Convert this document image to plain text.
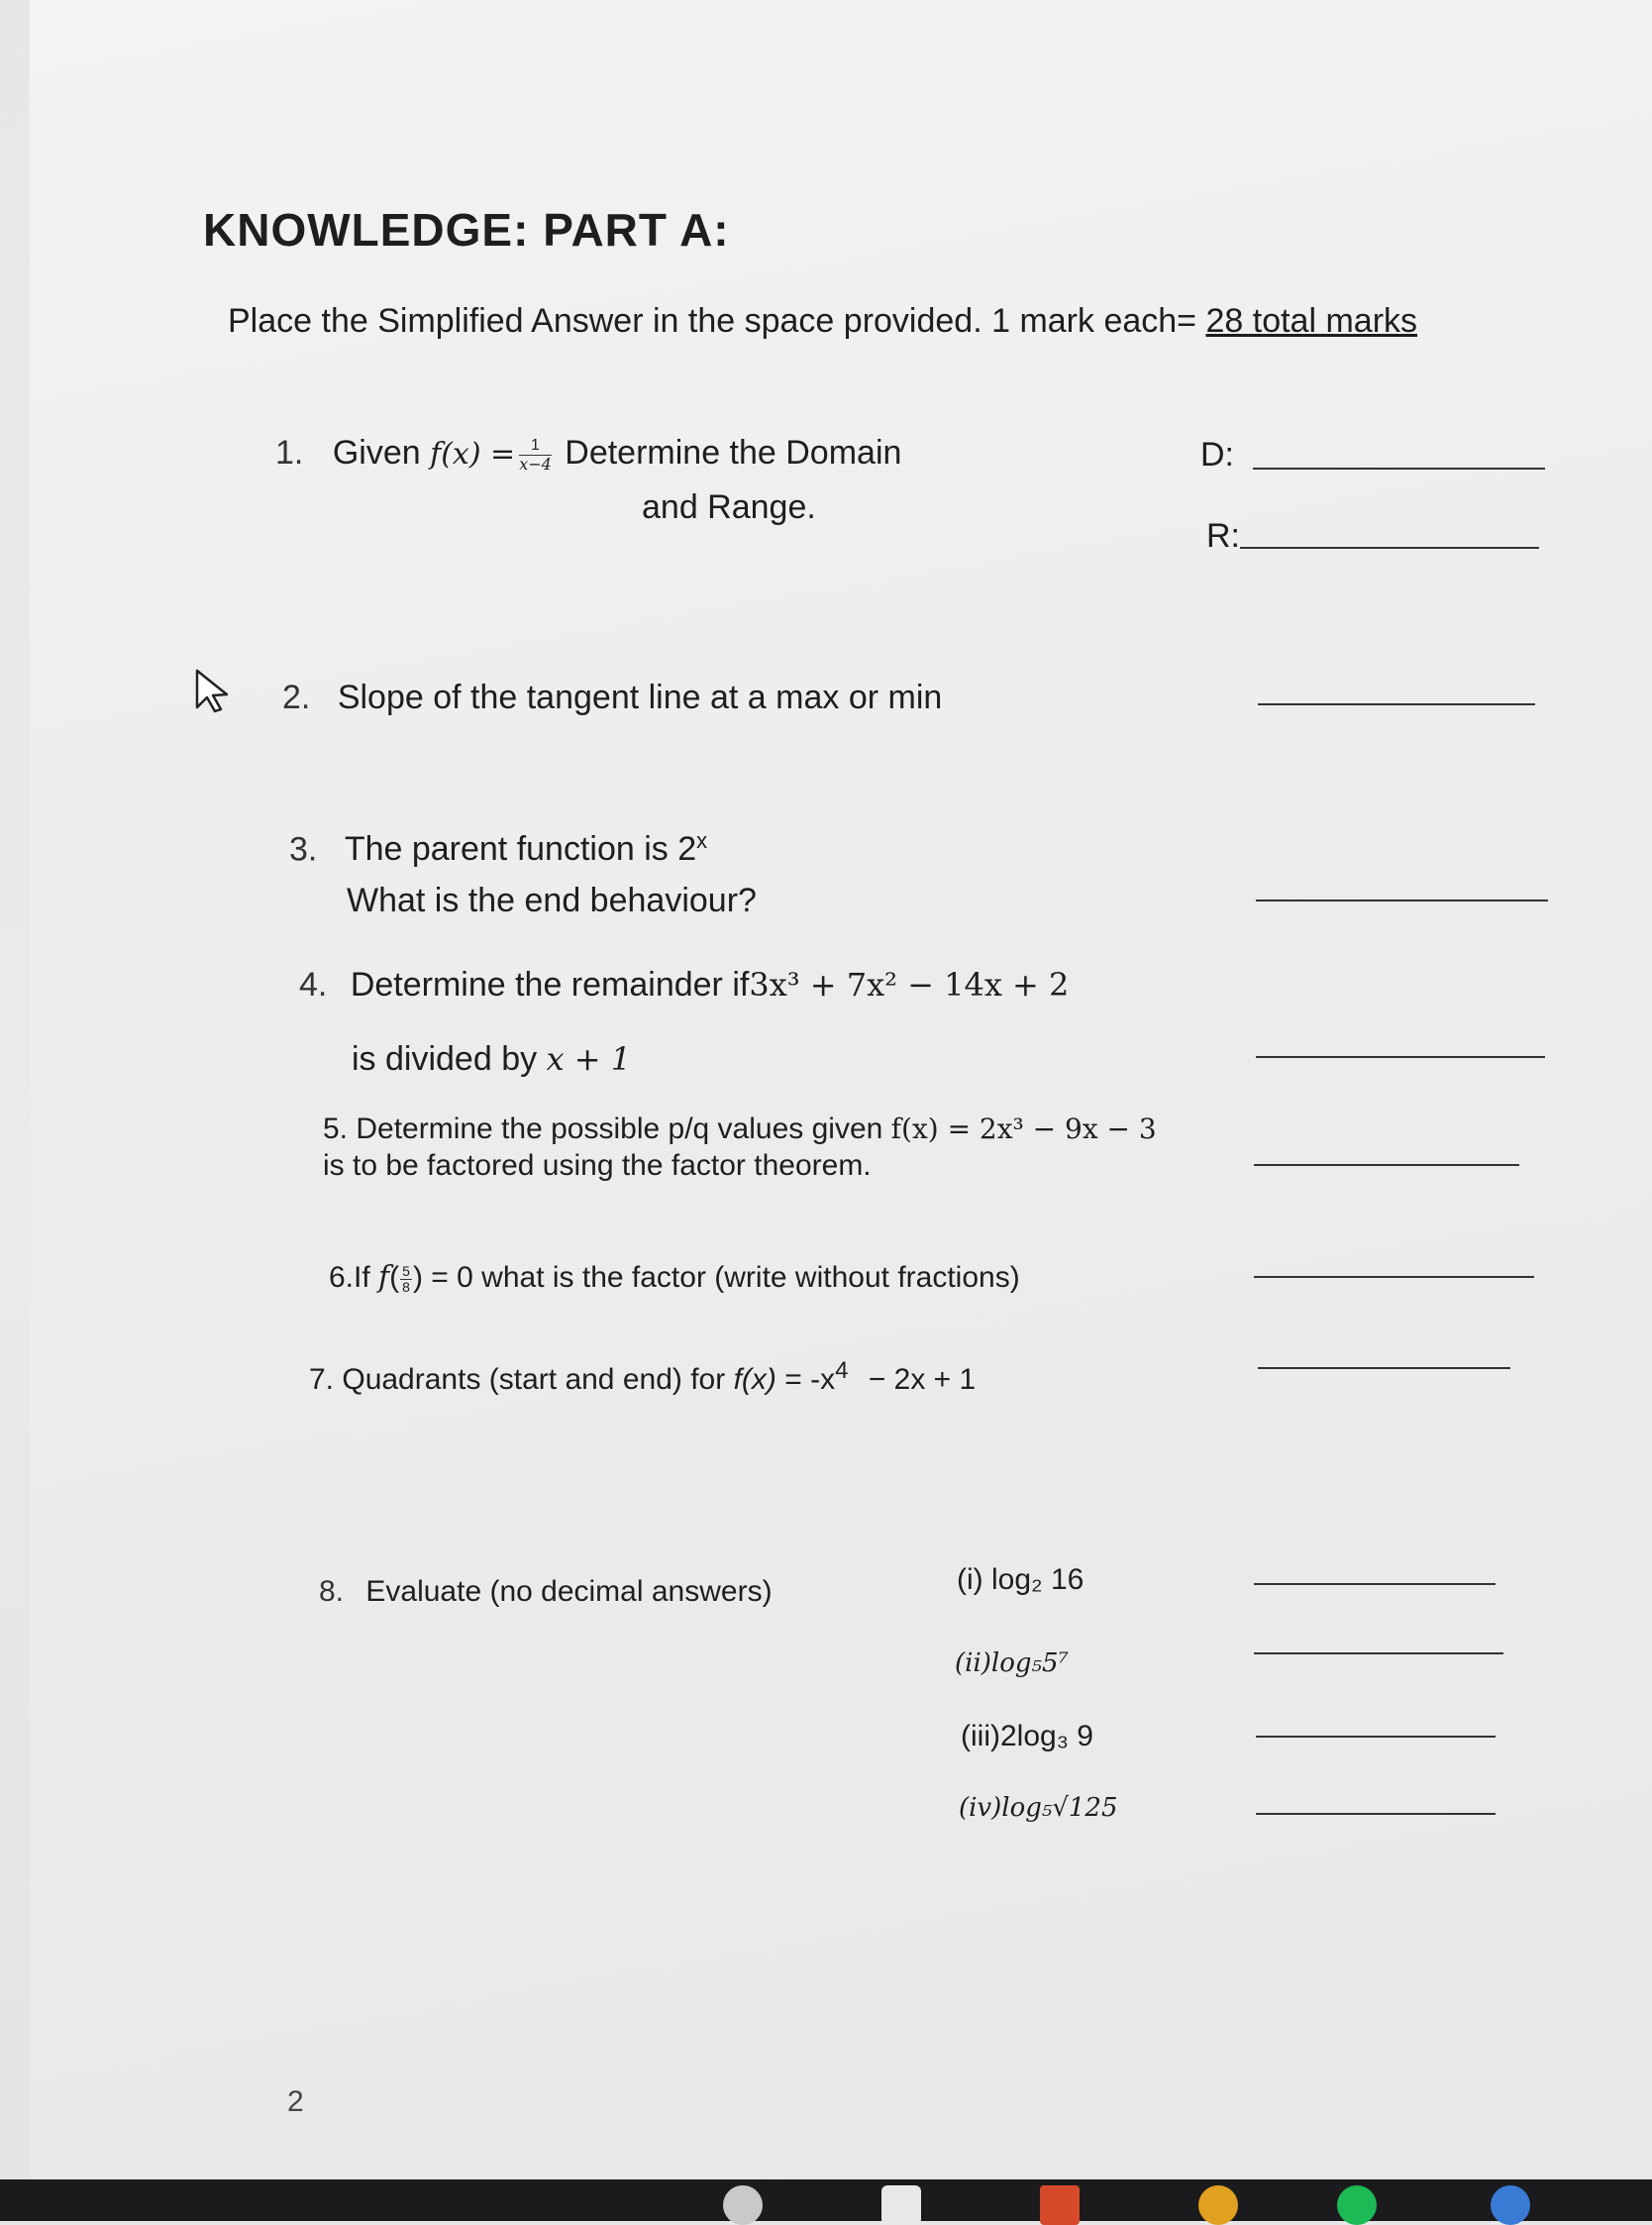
KNOWLEDGE: PART A:
Place the Simplified Answer in the space provided. 1 mark each= 28 total marks
1. Given $f(x) = \frac{1}{x-4}$ Determine the Domain
and Range.
D:
R:
2. Slope of the tangent line at a max or min
3. The parent function is 2$^x$
What is the end behaviour?
4. Determine the remainder if3x³ + 7x² − 14x + 2
is divided by x + 1
5. Determine the possible p/q values given f(x) = 2x³ − 9x − 3
is to be factored using the factor theorem.
6.If $f( \frac{5}{8}$ ) = 0 what is the factor (write without fractions)
7. Quadrants (start and end) for $f(x) = -x^4 - 2x + 1$
8. Evaluate (no decimal answers)	(i) log₂ 16
(ii)log₅5⁷
(iii)2log₃ 9
(iv)log₅√125
2
